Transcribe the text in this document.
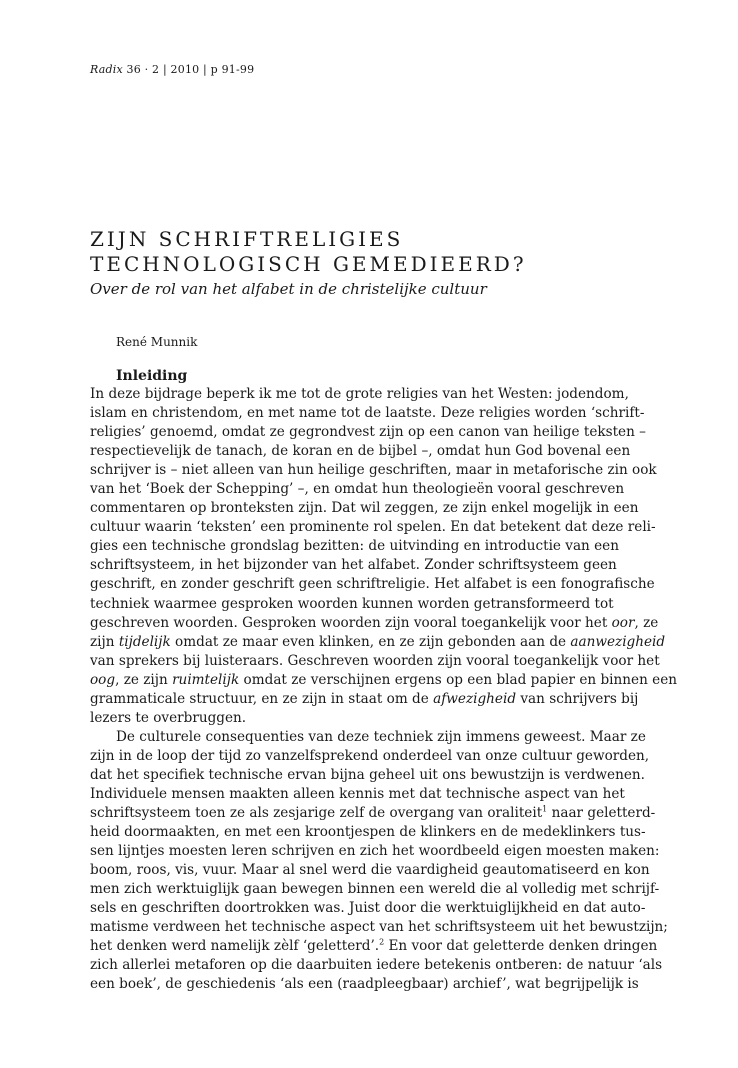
Radix 36 · 2 | 2010 | p 91-99
ZIJN SCHRIFTRELIGIES
TECHNOLOGISCH GEMEDIEERD?
Over de rol van het alfabet in de christelijke cultuur
René Munnik
Inleiding
In deze bijdrage beperk ik me tot de grote religies van het Westen: jodendom,
islam en christendom, en met name tot de laatste. Deze religies worden ‘schrift-
religies’ genoemd, omdat ze gegrondvest zijn op een canon van heilige teksten –
respectievelijk de tanach, de koran en de bijbel –, omdat hun God bovenal een
schrijver is – niet alleen van hun heilige geschriften, maar in metaforische zin ook
van het ‘Boek der Schepping’ –, en omdat hun theologieën vooral geschreven
commentaren op bronteksten zijn. Dat wil zeggen, ze zijn enkel mogelijk in een
cultuur waarin ‘teksten’ een prominente rol spelen. En dat betekent dat deze reli-
gies een technische grondslag bezitten: de uitvinding en introductie van een
schriftsysteem, in het bijzonder van het alfabet. Zonder schriftsysteem geen
geschrift, en zonder geschrift geen schriftreligie. Het alfabet is een fonografische
techniek waarmee gesproken woorden kunnen worden getransformeerd tot
geschreven woorden. Gesproken woorden zijn vooral toegankelijk voor het oor, ze
zijn tijdelijk omdat ze maar even klinken, en ze zijn gebonden aan de aanwezigheid
van sprekers bij luisteraars. Geschreven woorden zijn vooral toegankelijk voor het
oog, ze zijn ruimtelijk omdat ze verschijnen ergens op een blad papier en binnen een
grammaticale structuur, en ze zijn in staat om de afwezigheid van schrijvers bij
lezers te overbruggen.
De culturele consequenties van deze techniek zijn immens geweest. Maar ze
zijn in de loop der tijd zo vanzelfsprekend onderdeel van onze cultuur geworden,
dat het specifiek technische ervan bijna geheel uit ons bewustzijn is verdwenen.
Individuele mensen maakten alleen kennis met dat technische aspect van het
schriftsysteem toen ze als zesjarige zelf de overgang van oraliteit$^1$ naar geletterd-
heid doormaakten, en met een kroontjespen de klinkers en de medeklinkers tus-
sen lijntjes moesten leren schrijven en zich het woordbeeld eigen moesten maken:
boom, roos, vis, vuur. Maar al snel werd die vaardigheid geautomatiseerd en kon
men zich werktuiglijk gaan bewegen binnen een wereld die al volledig met schrijf-
sels en geschriften doortrokken was. Juist door die werktuiglijkheid en dat auto-
matisme verdween het technische aspect van het schriftsysteem uit het bewustzijn;
het denken werd namelijk zèlf ‘geletterd’.$^2$ En voor dat geletterde denken dringen
zich allerlei metaforen op die daarbuiten iedere betekenis ontberen: de natuur ‘als
een boek’, de geschiedenis ‘als een (raadpleegbaar) archief’, wat begrijpelijk is
